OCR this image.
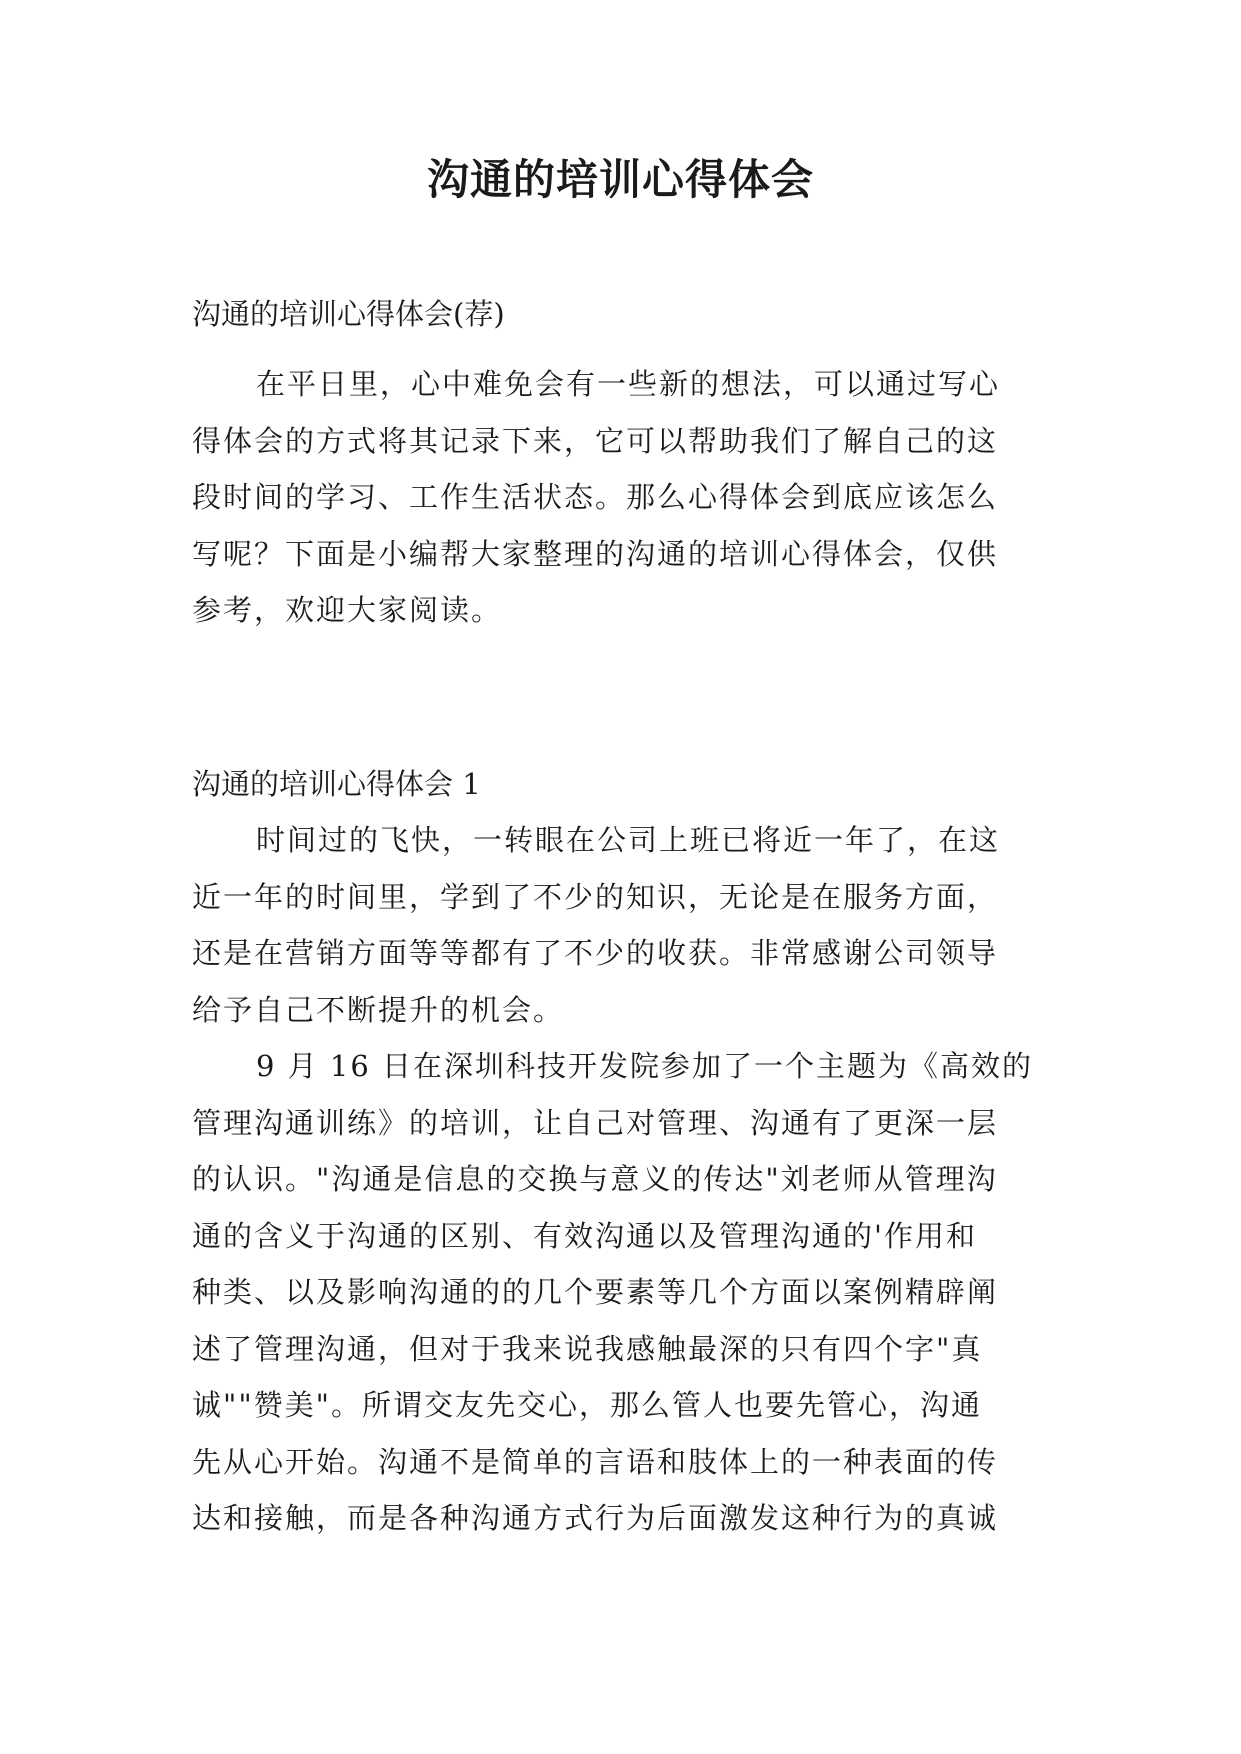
沟通的培训心得体会

沟通的培训心得体会(荐)

在平日里，心中难免会有一些新的想法，可以通过写心
得体会的方式将其记录下来，它可以帮助我们了解自己的这
段时间的学习、工作生活状态。那么心得体会到底应该怎么
写呢？下面是小编帮大家整理的沟通的培训心得体会，仅供
参考，欢迎大家阅读。

沟通的培训心得体会 1

时间过的飞快，一转眼在公司上班已将近一年了，在这
近一年的时间里，学到了不少的知识，无论是在服务方面，
还是在营销方面等等都有了不少的收获。非常感谢公司领导
给予自己不断提升的机会。
9 月 16 日在深圳科技开发院参加了一个主题为《高效的
管理沟通训练》的培训，让自己对管理、沟通有了更深一层
的认识。"沟通是信息的交换与意义的传达"刘老师从管理沟
通的含义于沟通的区别、有效沟通以及管理沟通的'作用和
种类、以及影响沟通的的几个要素等几个方面以案例精辟阐
述了管理沟通，但对于我来说我感触最深的只有四个字"真
诚""赞美"。所谓交友先交心，那么管人也要先管心，沟通
先从心开始。沟通不是简单的言语和肢体上的一种表面的传
达和接触，而是各种沟通方式行为后面激发这种行为的真诚
